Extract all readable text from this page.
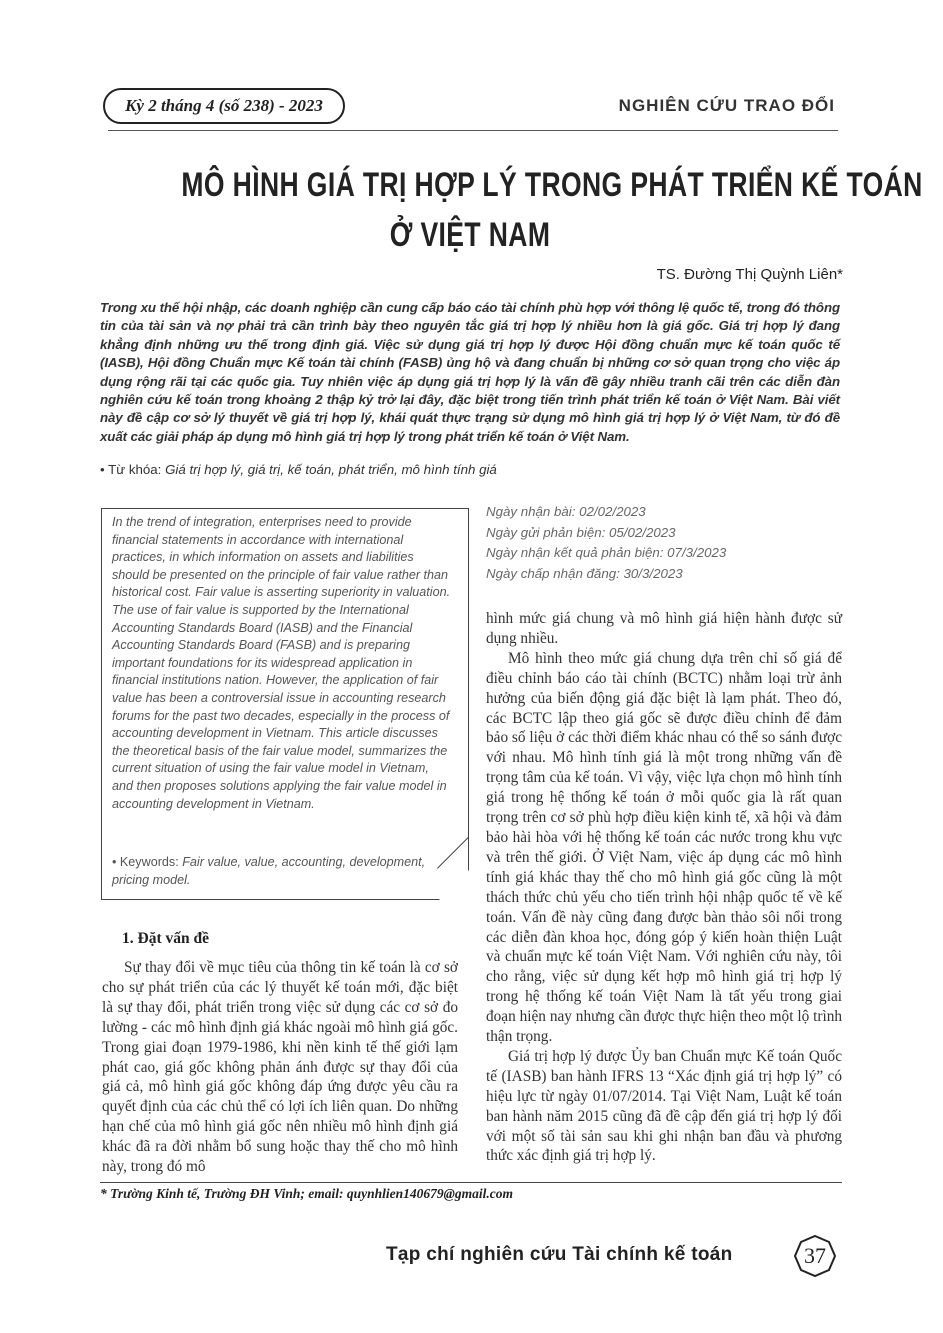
Kỳ 2 tháng 4 (số 238) - 2023	NGHIÊN CỨU TRAO ĐỔI
MÔ HÌNH GIÁ TRỊ HỢP LÝ TRONG PHÁT TRIỂN KẾ TOÁN
Ở VIỆT NAM
TS. Đường Thị Quỳnh Liên*
Trong xu thế hội nhập, các doanh nghiệp cần cung cấp báo cáo tài chính phù hợp với thông lệ quốc tế, trong đó thông tin của tài sản và nợ phải trả cần trình bày theo nguyên tắc giá trị hợp lý nhiều hơn là giá gốc. Giá trị hợp lý đang khẳng định những ưu thế trong định giá. Việc sử dụng giá trị hợp lý được Hội đồng chuẩn mực kế toán quốc tế (IASB), Hội đồng Chuẩn mực Kế toán tài chính (FASB) ủng hộ và đang chuẩn bị những cơ sở quan trọng cho việc áp dụng rộng rãi tại các quốc gia. Tuy nhiên việc áp dụng giá trị hợp lý là vấn đề gây nhiều tranh cãi trên các diễn đàn nghiên cứu kế toán trong khoảng 2 thập kỷ trở lại đây, đặc biệt trong tiến trình phát triển kế toán ở Việt Nam. Bài viết này đề cập cơ sở lý thuyết về giá trị hợp lý, khái quát thực trạng sử dụng mô hình giá trị hợp lý ở Việt Nam, từ đó đề xuất các giải pháp áp dụng mô hình giá trị hợp lý trong phát triển kế toán ở Việt Nam.
• Từ khóa: Giá trị hợp lý, giá trị, kế toán, phát triển, mô hình tính giá
In the trend of integration, enterprises need to provide financial statements in accordance with international practices, in which information on assets and liabilities should be presented on the principle of fair value rather than historical cost. Fair value is asserting superiority in valuation. The use of fair value is supported by the International Accounting Standards Board (IASB) and the Financial Accounting Standards Board (FASB) and is preparing important foundations for its widespread application in financial institutions nation. However, the application of fair value has been a controversial issue in accounting research forums for the past two decades, especially in the process of accounting development in Vietnam. This article discusses the theoretical basis of the fair value model, summarizes the current situation of using the fair value model in Vietnam, and then proposes solutions applying the fair value model in accounting development in Vietnam.
• Keywords: Fair value, value, accounting, development, pricing model.
Ngày nhận bài: 02/02/2023
Ngày gửi phản biện: 05/02/2023
Ngày nhận kết quả phản biện: 07/3/2023
Ngày chấp nhận đăng: 30/3/2023
1. Đặt vấn đề

Sự thay đổi về mục tiêu của thông tin kế toán là cơ sở cho sự phát triển của các lý thuyết kế toán mới, đặc biệt là sự thay đổi, phát triển trong việc sử dụng các cơ sở đo lường - các mô hình định giá khác ngoài mô hình giá gốc. Trong giai đoạn 1979-1986, khi nền kinh tế thế giới lạm phát cao, giá gốc không phản ánh được sự thay đổi của giá cả, mô hình giá gốc không đáp ứng được yêu cầu ra quyết định của các chủ thể có lợi ích liên quan. Do những hạn chế của mô hình giá gốc nên nhiều mô hình định giá khác đã ra đời nhằm bổ sung hoặc thay thế cho mô hình này, trong đó mô

hình mức giá chung và mô hình giá hiện hành được sử dụng nhiều.

Mô hình theo mức giá chung dựa trên chỉ số giá để điều chỉnh báo cáo tài chính (BCTC) nhằm loại trừ ảnh hưởng của biến động giá đặc biệt là lạm phát. Theo đó, các BCTC lập theo giá gốc sẽ được điều chỉnh để đảm bảo số liệu ở các thời điểm khác nhau có thể so sánh được với nhau. Mô hình tính giá là một trong những vấn đề trọng tâm của kế toán. Vì vậy, việc lựa chọn mô hình tính giá trong hệ thống kế toán ở mỗi quốc gia là rất quan trọng trên cơ sở phù hợp điều kiện kinh tế, xã hội và đảm bảo hài hòa với hệ thống kế toán các nước trong khu vực và trên thế giới. Ở Việt Nam, việc áp dụng các mô hình tính giá khác thay thế cho mô hình giá gốc cũng là một thách thức chủ yếu cho tiến trình hội nhập quốc tế về kế toán. Vấn đề này cũng đang được bàn thảo sôi nổi trong các diễn đàn khoa học, đóng góp ý kiến hoàn thiện Luật và chuẩn mực kế toán Việt Nam. Với nghiên cứu này, tôi cho rằng, việc sử dụng kết hợp mô hình giá trị hợp lý trong hệ thống kế toán Việt Nam là tất yếu trong giai đoạn hiện nay nhưng cần được thực hiện theo một lộ trình thận trọng.

Giá trị hợp lý được Ủy ban Chuẩn mực Kế toán Quốc tế (IASB) ban hành IFRS 13 “Xác định giá trị hợp lý” có hiệu lực từ ngày 01/07/2014. Tại Việt Nam, Luật kế toán ban hành năm 2015 cũng đã đề cập đến giá trị hợp lý đối với một số tài sản sau khi ghi nhận ban đầu và phương thức xác định giá trị hợp lý.

* Trường Kinh tế, Trường ĐH Vinh; email: quynhlien140679@gmail.com
Tạp chí nghiên cứu Tài chính kế toán	37
